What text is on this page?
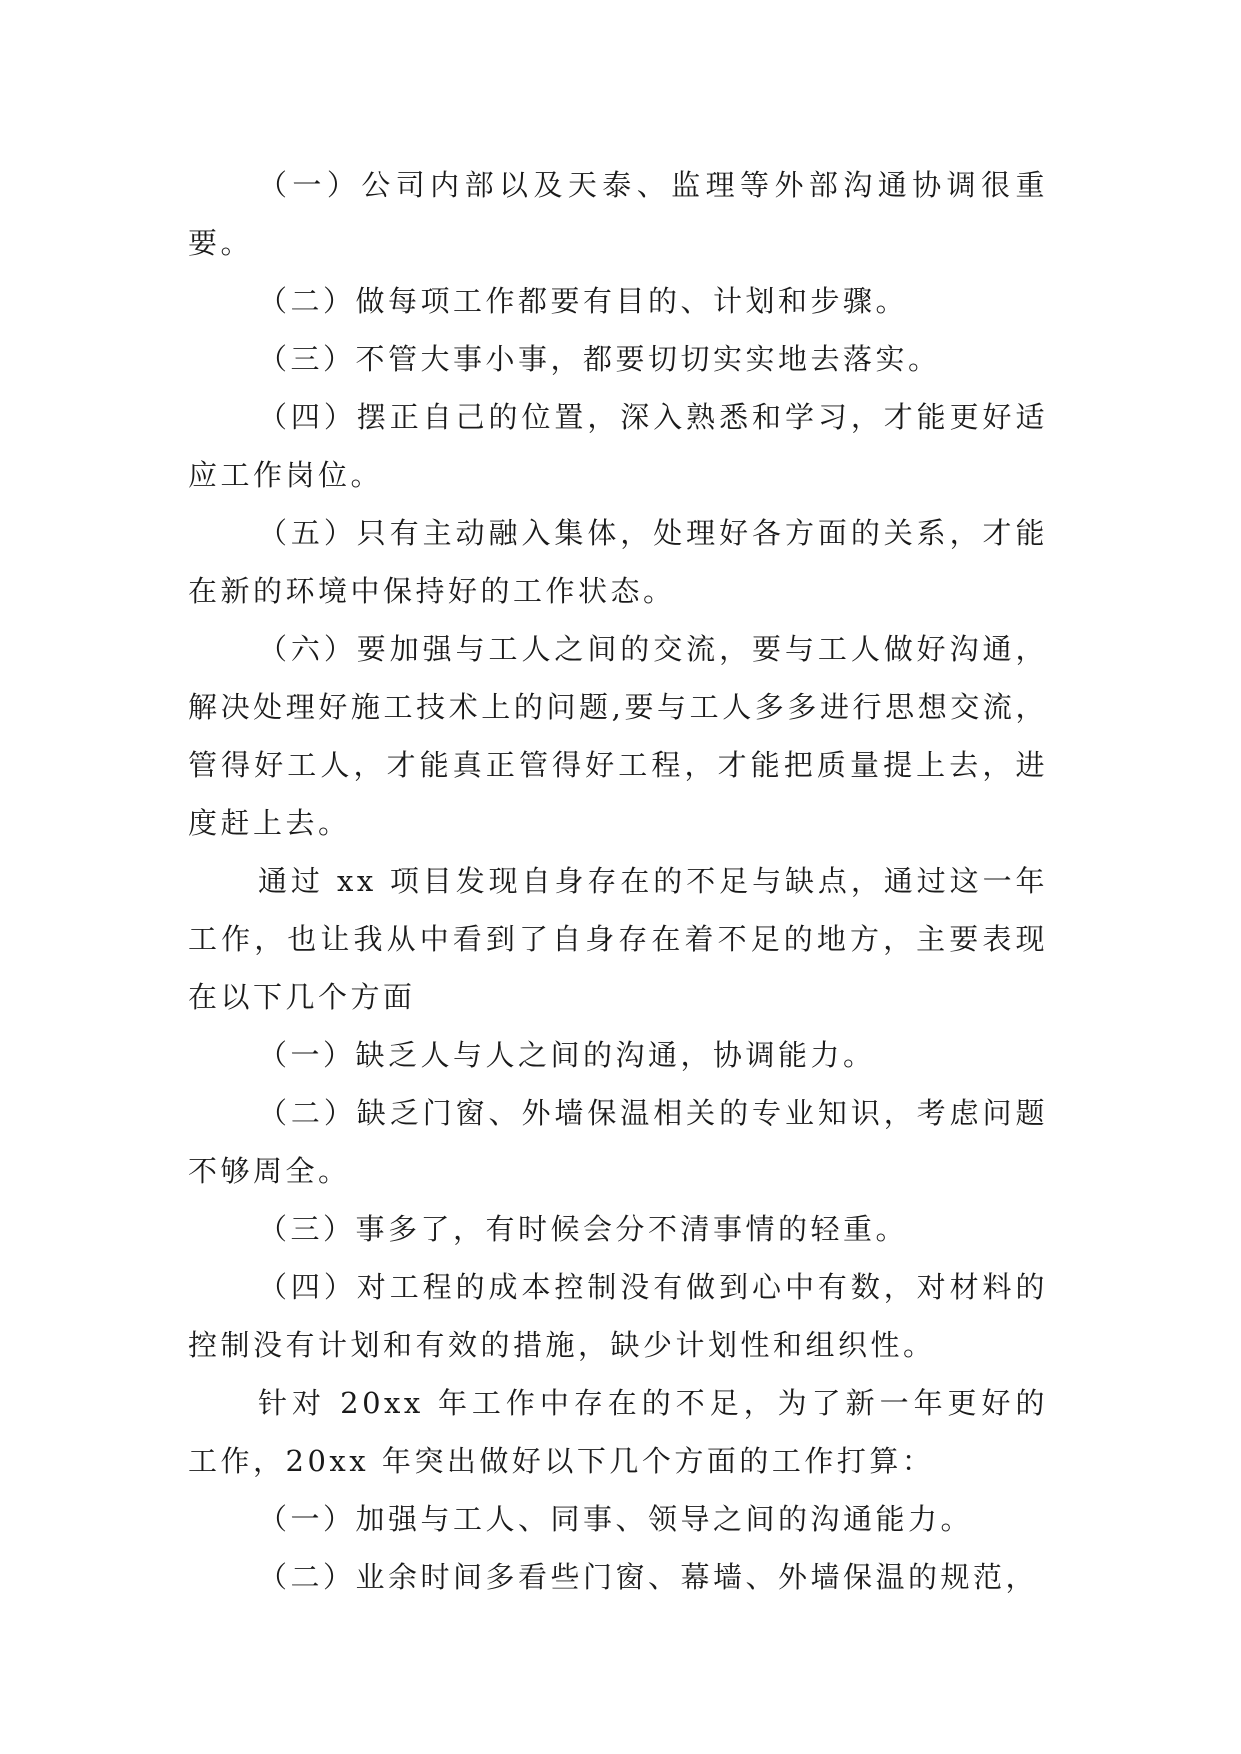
（一）公司内部以及天泰、监理等外部沟通协调很重要。

（二）做每项工作都要有目的、计划和步骤。

（三）不管大事小事，都要切切实实地去落实。

（四）摆正自己的位置，深入熟悉和学习，才能更好适应工作岗位。

（五）只有主动融入集体，处理好各方面的关系，才能在新的环境中保持好的工作状态。

（六）要加强与工人之间的交流，要与工人做好沟通，解决处理好施工技术上的问题,要与工人多多进行思想交流，管得好工人，才能真正管得好工程，才能把质量提上去，进度赶上去。

通过 xx 项目发现自身存在的不足与缺点，通过这一年工作，也让我从中看到了自身存在着不足的地方，主要表现在以下几个方面

（一）缺乏人与人之间的沟通，协调能力。

（二）缺乏门窗、外墙保温相关的专业知识，考虑问题不够周全。

（三）事多了，有时候会分不清事情的轻重。

（四）对工程的成本控制没有做到心中有数，对材料的控制没有计划和有效的措施，缺少计划性和组织性。

针对 20xx 年工作中存在的不足，为了新一年更好的工作，20xx 年突出做好以下几个方面的工作打算：

（一）加强与工人、同事、领导之间的沟通能力。

（二）业余时间多看些门窗、幕墙、外墙保温的规范，
